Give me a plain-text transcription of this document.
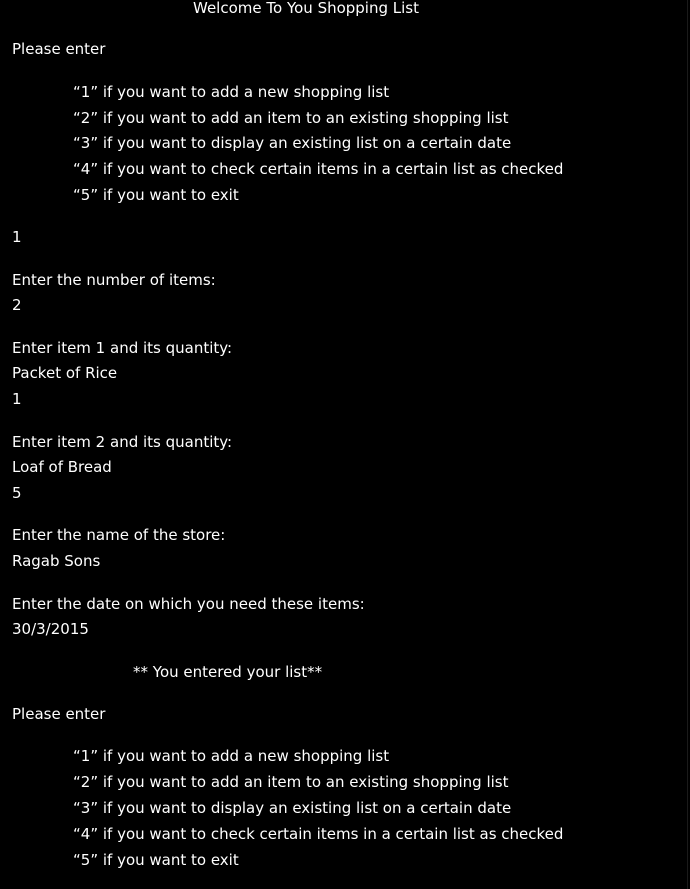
Welcome To You Shopping List
Please enter
“1” if you want to add a new shopping list
“2” if you want to add an item to an existing shopping list
“3” if you want to display an existing list on a certain date
“4” if you want to check certain items in a certain list as checked
“5” if you want to exit
1
Enter the number of items:
2
Enter item 1 and its quantity:
Packet of Rice
1
Enter item 2 and its quantity:
Loaf of Bread
5
Enter the name of the store:
Ragab Sons
Enter the date on which you need these items:
30/3/2015
** You entered your list**
Please enter
“1” if you want to add a new shopping list
“2” if you want to add an item to an existing shopping list
“3” if you want to display an existing list on a certain date
“4” if you want to check certain items in a certain list as checked
“5” if you want to exit
